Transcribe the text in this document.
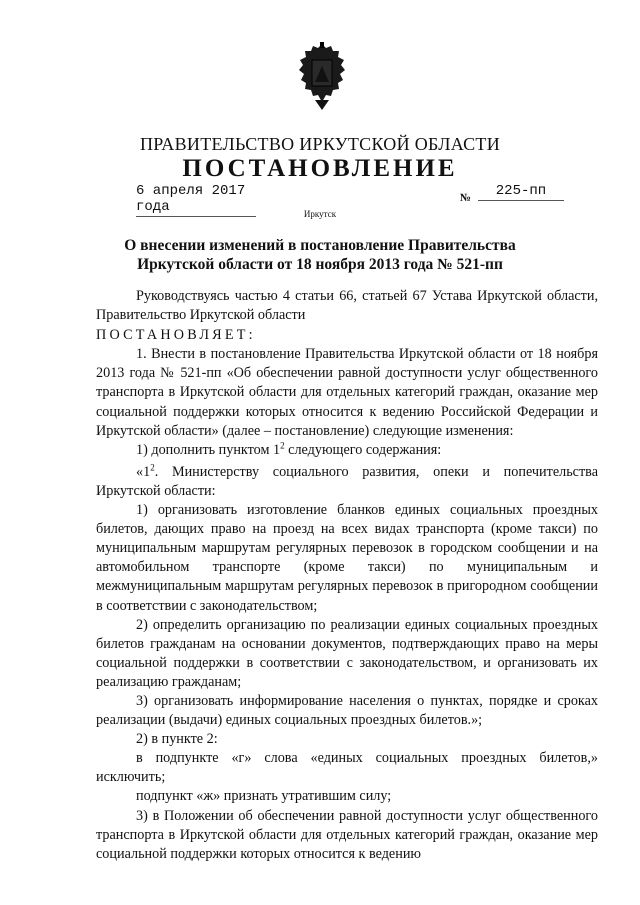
ПРАВИТЕЛЬСТВО ИРКУТСКОЙ ОБЛАСТИ
ПОСТАНОВЛЕНИЕ
6 апреля 2017 года
№	225-пп
Иркутск
О внесении изменений в постановление Правительства
Иркутской области от 18 ноября 2013 года № 521-пп

Руководствуясь частью 4 статьи 66, статьей 67 Устава Иркутской области, Правительство Иркутской области

ПОСТАНОВЛЯЕТ:

1. Внести в постановление Правительства Иркутской области от 18 ноября 2013 года № 521-пп «Об обеспечении равной доступности услуг общественного транспорта в Иркутской области для отдельных категорий граждан, оказание мер социальной поддержки которых относится к ведению Российской Федерации и Иркутской области» (далее – постановление) следующие изменения:

1) дополнить пунктом $1^2$ следующего содержания:

«$1^2$. Министерству социального развития, опеки и попечительства Иркутской области:

1) организовать изготовление бланков единых социальных проездных билетов, дающих право на проезд на всех видах транспорта (кроме такси) по муниципальным маршрутам регулярных перевозок в городском сообщении и на автомобильном транспорте (кроме такси) по муниципальным и межмуниципальным маршрутам регулярных перевозок в пригородном сообщении в соответствии с законодательством;

2) определить организацию по реализации единых социальных проездных билетов гражданам на основании документов, подтверждающих право на меры социальной поддержки в соответствии с законодательством, и организовать их реализацию гражданам;

3) организовать информирование населения о пунктах, порядке и сроках реализации (выдачи) единых социальных проездных билетов.»;

2) в пункте 2:

в подпункте «г» слова «единых социальных проездных билетов,» исключить;

подпункт «ж» признать утратившим силу;

3) в Положении об обеспечении равной доступности услуг общественного транспорта в Иркутской области для отдельных категорий граждан, оказание мер социальной поддержки которых относится к ведению
